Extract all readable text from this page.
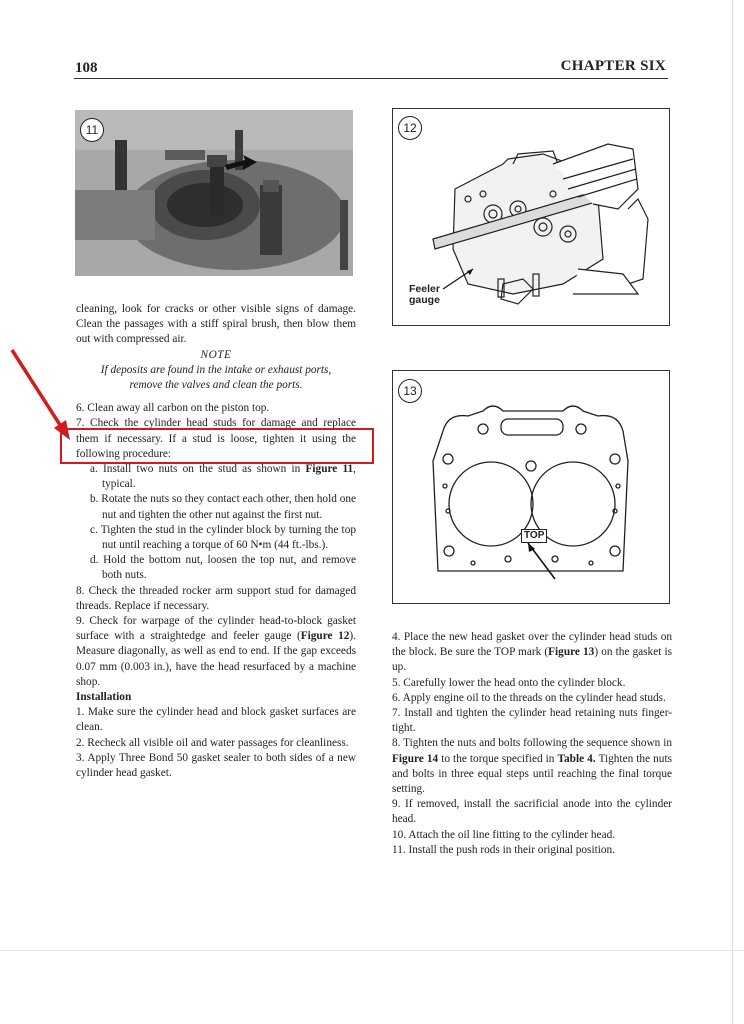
108	CHAPTER SIX
11
Feeler
gauge
12
TOP
13

cleaning, look for cracks or other visible signs of damage. Clean the passages with a stiff spiral brush, then blow them out with compressed air.

NOTE

If deposits are found in the intake or exhaust ports, remove the valves and clean the ports.

6. Clean away all carbon on the piston top.

7. Check the cylinder head studs for damage and replace them if necessary. If a stud is loose, tighten it using the following procedure:

a. Install two nuts on the stud as shown in Figure 11, typical.

b. Rotate the nuts so they contact each other, then hold one nut and tighten the other nut against the first nut.

c. Tighten the stud in the cylinder block by turning the top nut until reaching a torque of 60 N•m (44 ft.-lbs.).

d. Hold the bottom nut, loosen the top nut, and remove both nuts.

8. Check the threaded rocker arm support stud for damaged threads. Replace if necessary.

9. Check for warpage of the cylinder head-to-block gasket surface with a straightedge and feeler gauge (Figure 12). Measure diagonally, as well as end to end. If the gap exceeds 0.07 mm (0.003 in.), have the head resurfaced by a machine shop.

Installation

1. Make sure the cylinder head and block gasket surfaces are clean.

2. Recheck all visible oil and water passages for cleanliness.

3. Apply Three Bond 50 gasket sealer to both sides of a new cylinder head gasket.

4. Place the new head gasket over the cylinder head studs on the block. Be sure the TOP mark (Figure 13) on the gasket is up.

5. Carefully lower the head onto the cylinder block.

6. Apply engine oil to the threads on the cylinder head studs.

7. Install and tighten the cylinder head retaining nuts finger-tight.

8. Tighten the nuts and bolts following the sequence shown in Figure 14 to the torque specified in Table 4. Tighten the nuts and bolts in three equal steps until reaching the final torque setting.

9. If removed, install the sacrificial anode into the cylinder head.

10. Attach the oil line fitting to the cylinder head.

11. Install the push rods in their original position.
